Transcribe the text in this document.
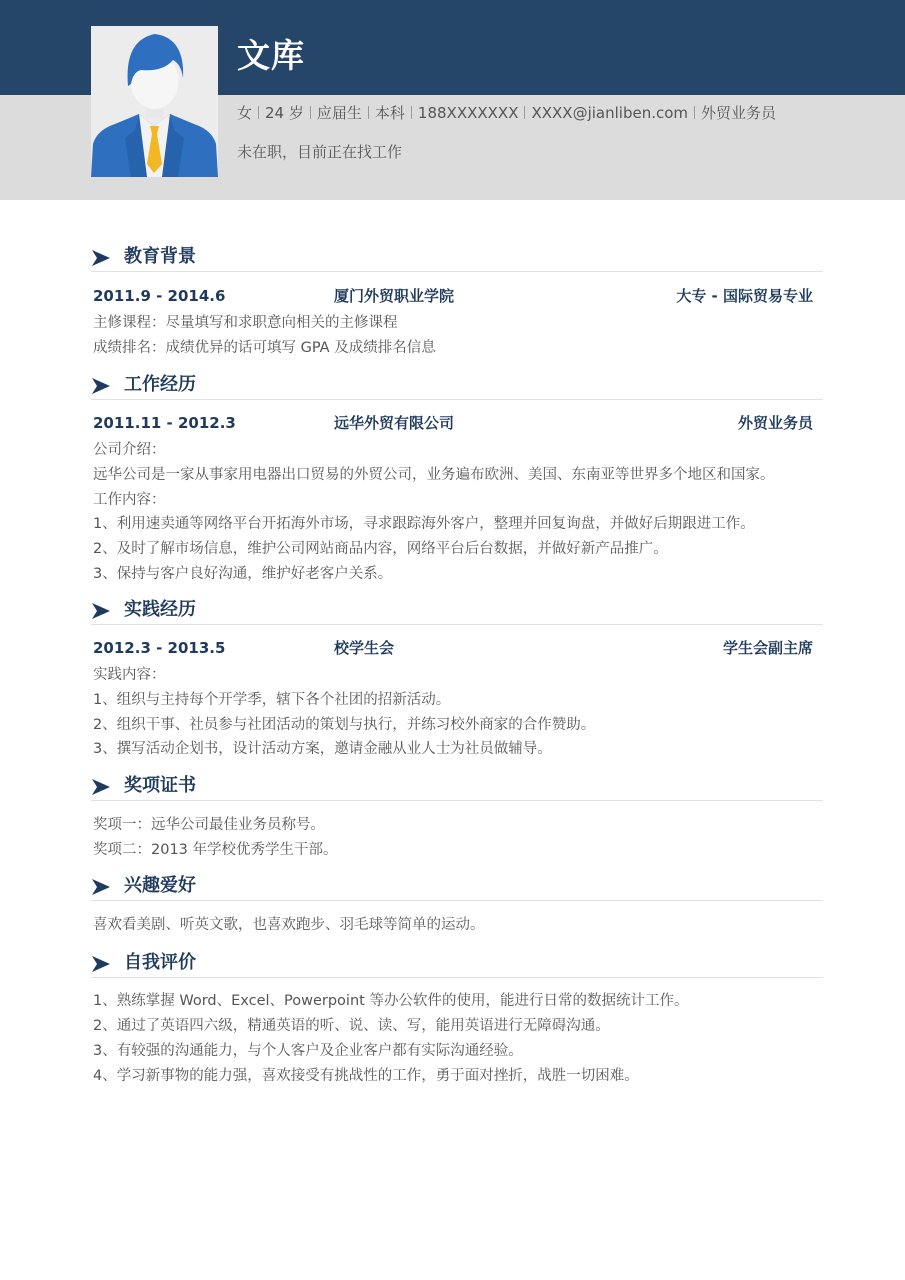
文库
女 24 岁 应届生 本科 188XXXXXXX XXXX@jianliben.com 外贸业务员
未在职，目前正在找工作
教育背景
2011.9 - 2014.6	厦门外贸职业学院	大专 - 国际贸易专业
主修课程：尽量填写和求职意向相关的主修课程
成绩排名：成绩优异的话可填写 GPA 及成绩排名信息
工作经历
2011.11 - 2012.3	远华外贸有限公司	外贸业务员
公司介绍：
远华公司是一家从事家用电器出口贸易的外贸公司，业务遍布欧洲、美国、东南亚等世界多个地区和国家。
工作内容：
1、利用速卖通等网络平台开拓海外市场，寻求跟踪海外客户，整理并回复询盘，并做好后期跟进工作。
2、及时了解市场信息，维护公司网站商品内容，网络平台后台数据，并做好新产品推广。
3、保持与客户良好沟通，维护好老客户关系。
实践经历
2012.3 - 2013.5	校学生会	学生会副主席
实践内容：
1、组织与主持每个开学季，辖下各个社团的招新活动。
2、组织干事、社员参与社团活动的策划与执行，并练习校外商家的合作赞助。
3、撰写活动企划书，设计活动方案，邀请金融从业人士为社员做辅导。
奖项证书
奖项一：远华公司最佳业务员称号。
奖项二：2013 年学校优秀学生干部。
兴趣爱好
喜欢看美剧、听英文歌，也喜欢跑步、羽毛球等简单的运动。
自我评价
1、熟练掌握 Word、Excel、Powerpoint 等办公软件的使用，能进行日常的数据统计工作。
2、通过了英语四六级，精通英语的听、说、读、写，能用英语进行无障碍沟通。
3、有较强的沟通能力，与个人客户及企业客户都有实际沟通经验。
4、学习新事物的能力强，喜欢接受有挑战性的工作，勇于面对挫折，战胜一切困难。
